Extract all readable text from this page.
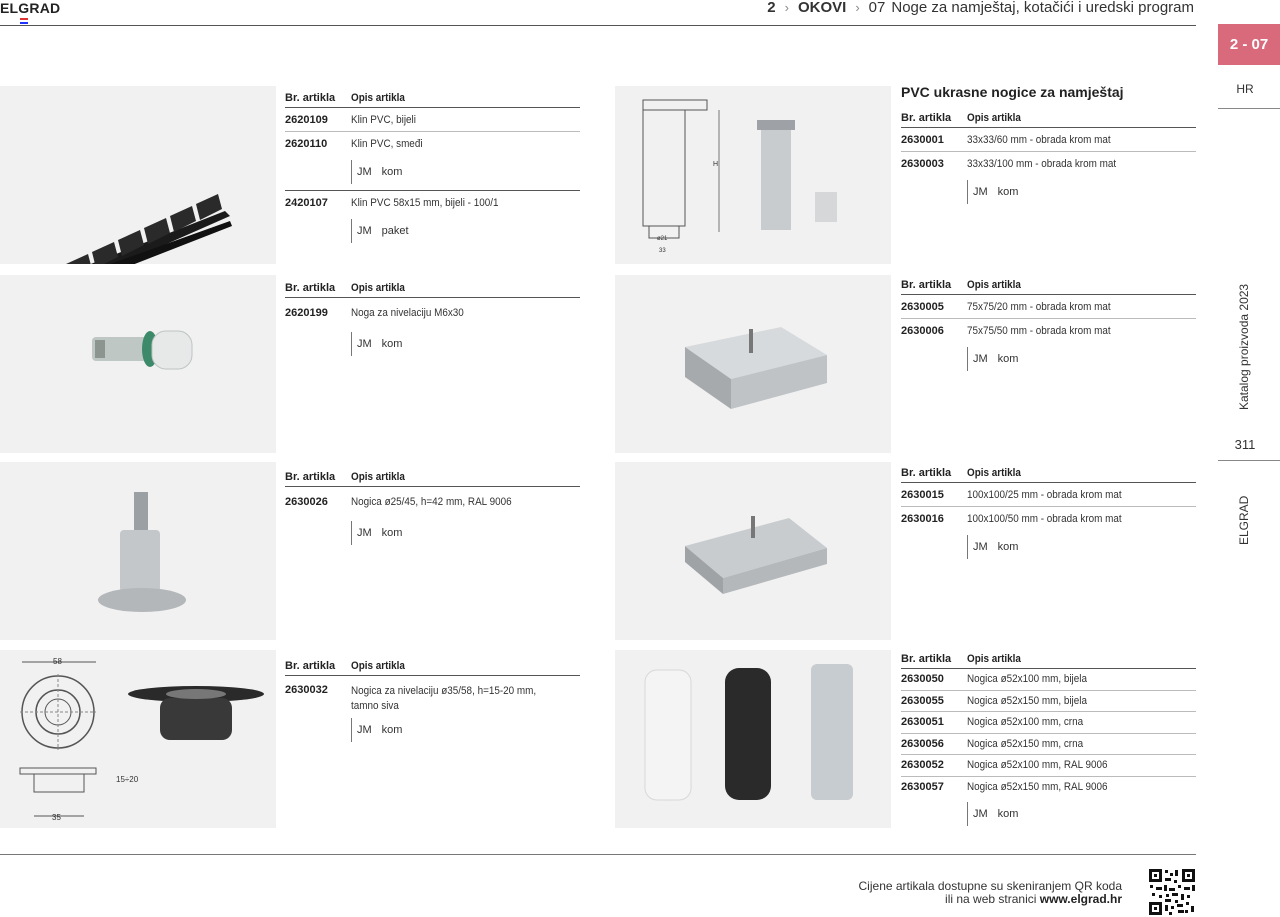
ELGRAD	2 › OKOVI › 07 Noge za namještaj, kotačići i uredski program
2 - 07
HR
Katalog proizvoda 2023
311
ELGRAD
58
15÷20
35
H
ø21
33
Br. artikla	Opis artikla
2620109	Klin PVC, bijeli
2620110	Klin PVC, smeđi
JM kom
2420107	Klin PVC 58x15 mm, bijeli - 100/1
JM paket
Br. artikla	Opis artikla
2620199	Noga za nivelaciju M6x30
JM kom
Br. artikla	Opis artikla
2630026	Nogica ø25/45, h=42 mm, RAL 9006
JM kom
Br. artikla	Opis artikla
2630032	Nogica za nivelaciju ø35/58, h=15-20 mm,
tamno siva
JM kom
PVC ukrasne nogice za namještaj
Br. artikla	Opis artikla
2630001	33x33/60 mm - obrada krom mat
2630003	33x33/100 mm - obrada krom mat
JM kom
Br. artikla	Opis artikla
2630005	75x75/20 mm - obrada krom mat
2630006	75x75/50 mm - obrada krom mat
JM kom
Br. artikla	Opis artikla
2630015	100x100/25 mm - obrada krom mat
2630016	100x100/50 mm - obrada krom mat
JM kom
Br. artikla	Opis artikla
2630050	Nogica ø52x100 mm, bijela
2630055	Nogica ø52x150 mm, bijela
2630051	Nogica ø52x100 mm, crna
2630056	Nogica ø52x150 mm, crna
2630052	Nogica ø52x100 mm, RAL 9006
2630057	Nogica ø52x150 mm, RAL 9006
JM kom
Cijene artikala dostupne su skeniranjem QR koda
ili na web stranici www.elgrad.hr
